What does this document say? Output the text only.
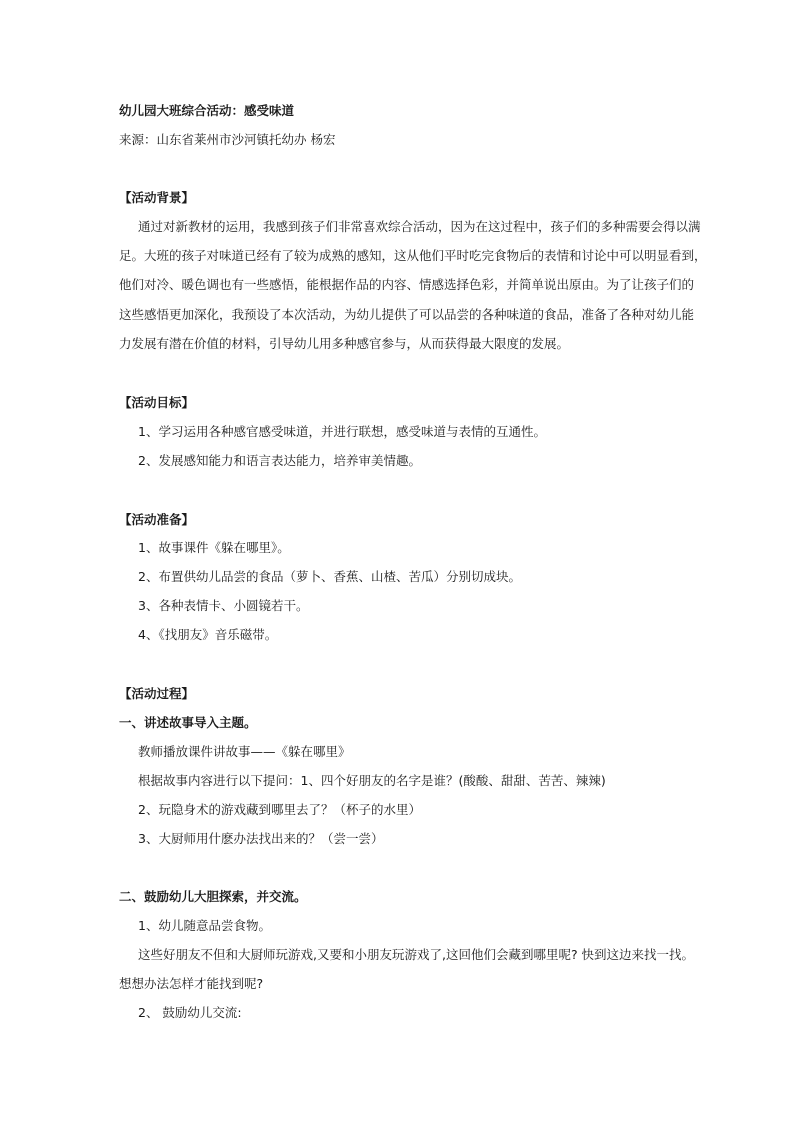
幼儿园大班综合活动：感受味道
来源：山东省莱州市沙河镇托幼办 杨宏
【活动背景】
通过对新教材的运用，我感到孩子们非常喜欢综合活动，因为在这过程中，孩子们的多种需要会得以满
足。大班的孩子对味道已经有了较为成熟的感知，这从他们平时吃完食物后的表情和讨论中可以明显看到，
他们对冷、暖色调也有一些感悟，能根据作品的内容、情感选择色彩，并简单说出原由。为了让孩子们的
这些感悟更加深化，我预设了本次活动，为幼儿提供了可以品尝的各种味道的食品，准备了各种对幼儿能
力发展有潜在价值的材料，引导幼儿用多种感官参与，从而获得最大限度的发展。
【活动目标】
1、学习运用各种感官感受味道，并进行联想，感受味道与表情的互通性。
2、发展感知能力和语言表达能力，培养审美情趣。
【活动准备】
1、故事课件《躲在哪里》。
2、布置供幼儿品尝的食品（萝卜、香蕉、山楂、苦瓜）分别切成块。
3、各种表情卡、小圆镜若干。
4、《找朋友》音乐磁带。
【活动过程】
一、讲述故事导入主题。
教师播放课件讲故事——《躲在哪里》
根据故事内容进行以下提问：1、四个好朋友的名字是谁？(酸酸、甜甜、苦苦、辣辣)
2、玩隐身术的游戏藏到哪里去了？（杯子的水里）
3、大厨师用什麽办法找出来的？（尝一尝）
二、鼓励幼儿大胆探索，并交流。
1、幼儿随意品尝食物。
这些好朋友不但和大厨师玩游戏,又要和小朋友玩游戏了,这回他们会藏到哪里呢? 快到这边来找一找。
想想办法怎样才能找到呢?
2、 鼓励幼儿交流:
